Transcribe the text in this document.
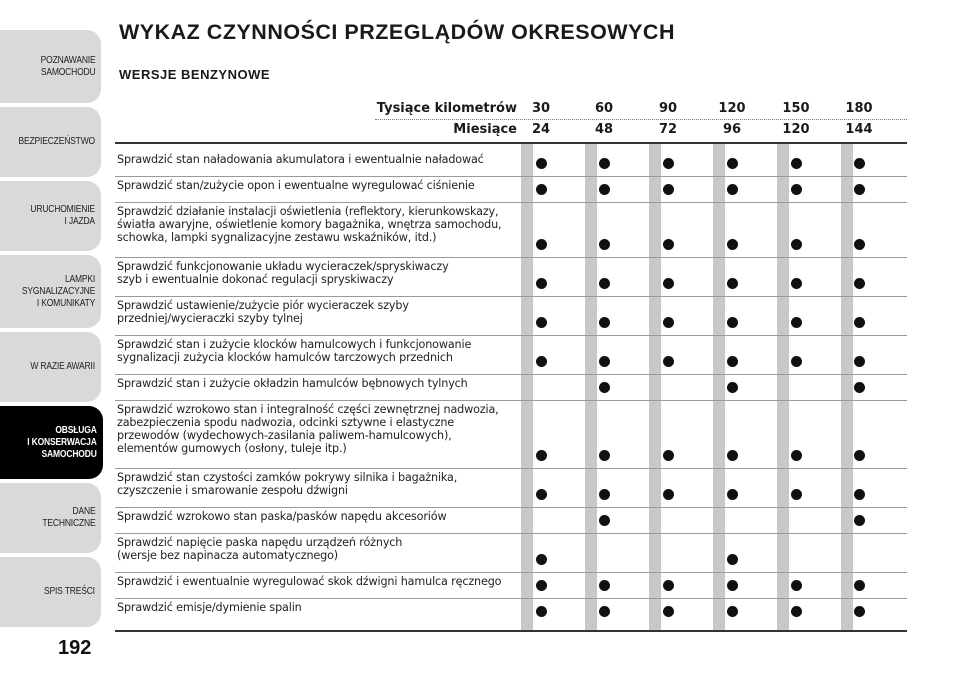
POZNAWANIE
SAMOCHODU
BEZPIECZEŃSTWO
URUCHOMIENIE
I JAZDA
LAMPKI
SYGNALIZACYJNE
I KOMUNIKATY
W RAZIE AWARII
OBSŁUGA
I KONSERWACJA
SAMOCHODU
DANE
TECHNICZNE
SPIS TREŚCI
192
WYKAZ CZYNNOŚCI PRZEGLĄDÓW OKRESOWYCH
WERSJE BENZYNOWE
Tysiące kilometrów
Miesiące
30
24
60
48
90
72
120
96
150
120
180
144
Sprawdzić stan naładowania akumulatora i ewentualnie naładować
Sprawdzić stan/zużycie opon i ewentualne wyregulować ciśnienie
Sprawdzić działanie instalacji oświetlenia (reflektory, kierunkowskazy,
światła awaryjne, oświetlenie komory bagażnika, wnętrza samochodu,
schowka, lampki sygnalizacyjne zestawu wskaźników, itd.)
Sprawdzić funkcjonowanie układu wycieraczek/spryskiwaczy
szyb i ewentualnie dokonać regulacji spryskiwaczy
Sprawdzić ustawienie/zużycie piór wycieraczek szyby
przedniej/wycieraczki szyby tylnej
Sprawdzić stan i zużycie klocków hamulcowych i funkcjonowanie
sygnalizacji zużycia klocków hamulców tarczowych przednich
Sprawdzić stan i zużycie okładzin hamulców bębnowych tylnych
Sprawdzić wzrokowo stan i integralność części zewnętrznej nadwozia,
zabezpieczenia spodu nadwozia, odcinki sztywne i elastyczne
przewodów (wydechowych-zasilania paliwem-hamulcowych),
elementów gumowych (osłony, tuleje itp.)
Sprawdzić stan czystości zamków pokrywy silnika i bagażnika,
czyszczenie i smarowanie zespołu dźwigni
Sprawdzić wzrokowo stan paska/pasków napędu akcesoriów
Sprawdzić napięcie paska napędu urządzeń różnych
(wersje bez napinacza automatycznego)
Sprawdzić i ewentualnie wyregulować skok dźwigni hamulca ręcznego
Sprawdzić emisje/dymienie spalin
